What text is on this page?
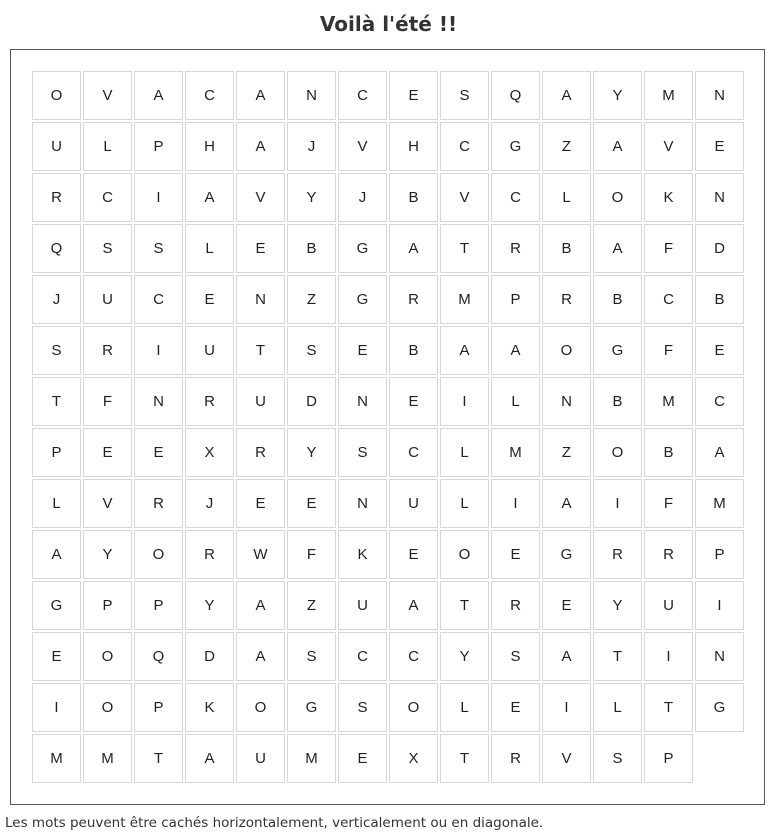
Voilà l'été !!
O	V	A	C	A	N	C	E	S	Q	A	Y	M	N
U	L	P	H	A	J	V	H	C	G	Z	A	V	E
R	C	I	A	V	Y	J	B	V	C	L	O	K	N
Q	S	S	L	E	B	G	A	T	R	B	A	F	D
J	U	C	E	N	Z	G	R	M	P	R	B	C	B
S	R	I	U	T	S	E	B	A	A	O	G	F	E
T	F	N	R	U	D	N	E	I	L	N	B	M	C
P	E	E	X	R	Y	S	C	L	M	Z	O	B	A
L	V	R	J	E	E	N	U	L	I	A	I	F	M
A	Y	O	R	W	F	K	E	O	E	G	R	R	P
G	P	P	Y	A	Z	U	A	T	R	E	Y	U	I
E	O	Q	D	A	S	C	C	Y	S	A	T	I	N
I	O	P	K	O	G	S	O	L	E	I	L	T	G
M	M	T	A	U	M	E	X	T	R	V	S	P
Les mots peuvent être cachés horizontalement, verticalement ou en diagonale.
